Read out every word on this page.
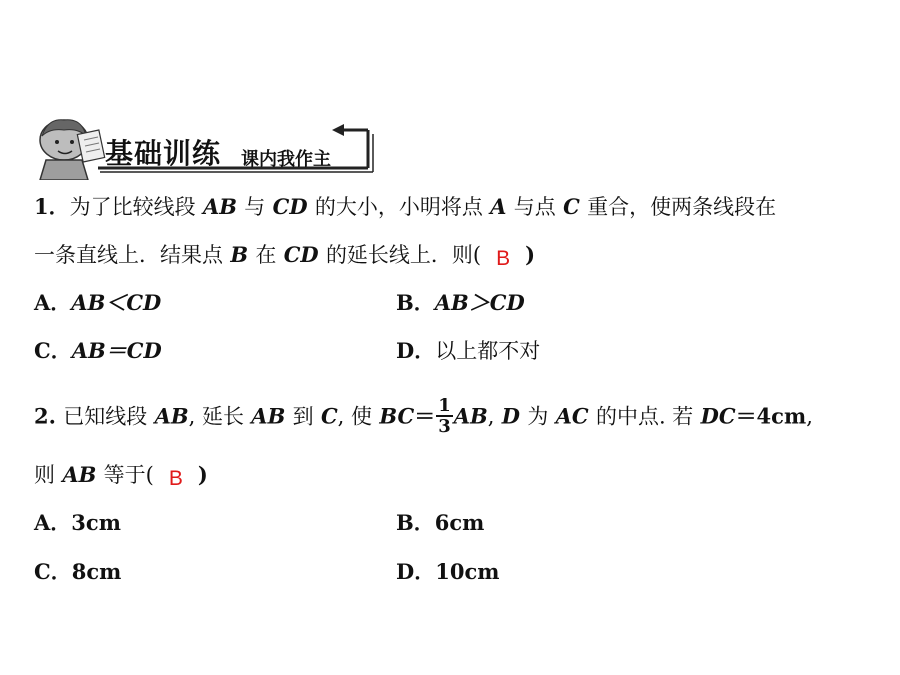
基础训练 课内我作主
1．为了比较线段 AB 与 CD 的大小，小明将点 A 与点 C 重合，使两条线段在
一条直线上．结果点 B 在 CD 的延长线上．则( B )
A．AB＜CD	B．AB＞CD
C．AB＝CD	D．以上都不对
2. 已知线段 AB, 延长 AB 到 C, 使 $BC= \frac{1}{3}$ AB, D 为 AC 的中点. 若 DC＝4cm,
则 AB 等于( B )
A．3cm	B．6cm
C．8cm	D．10cm
